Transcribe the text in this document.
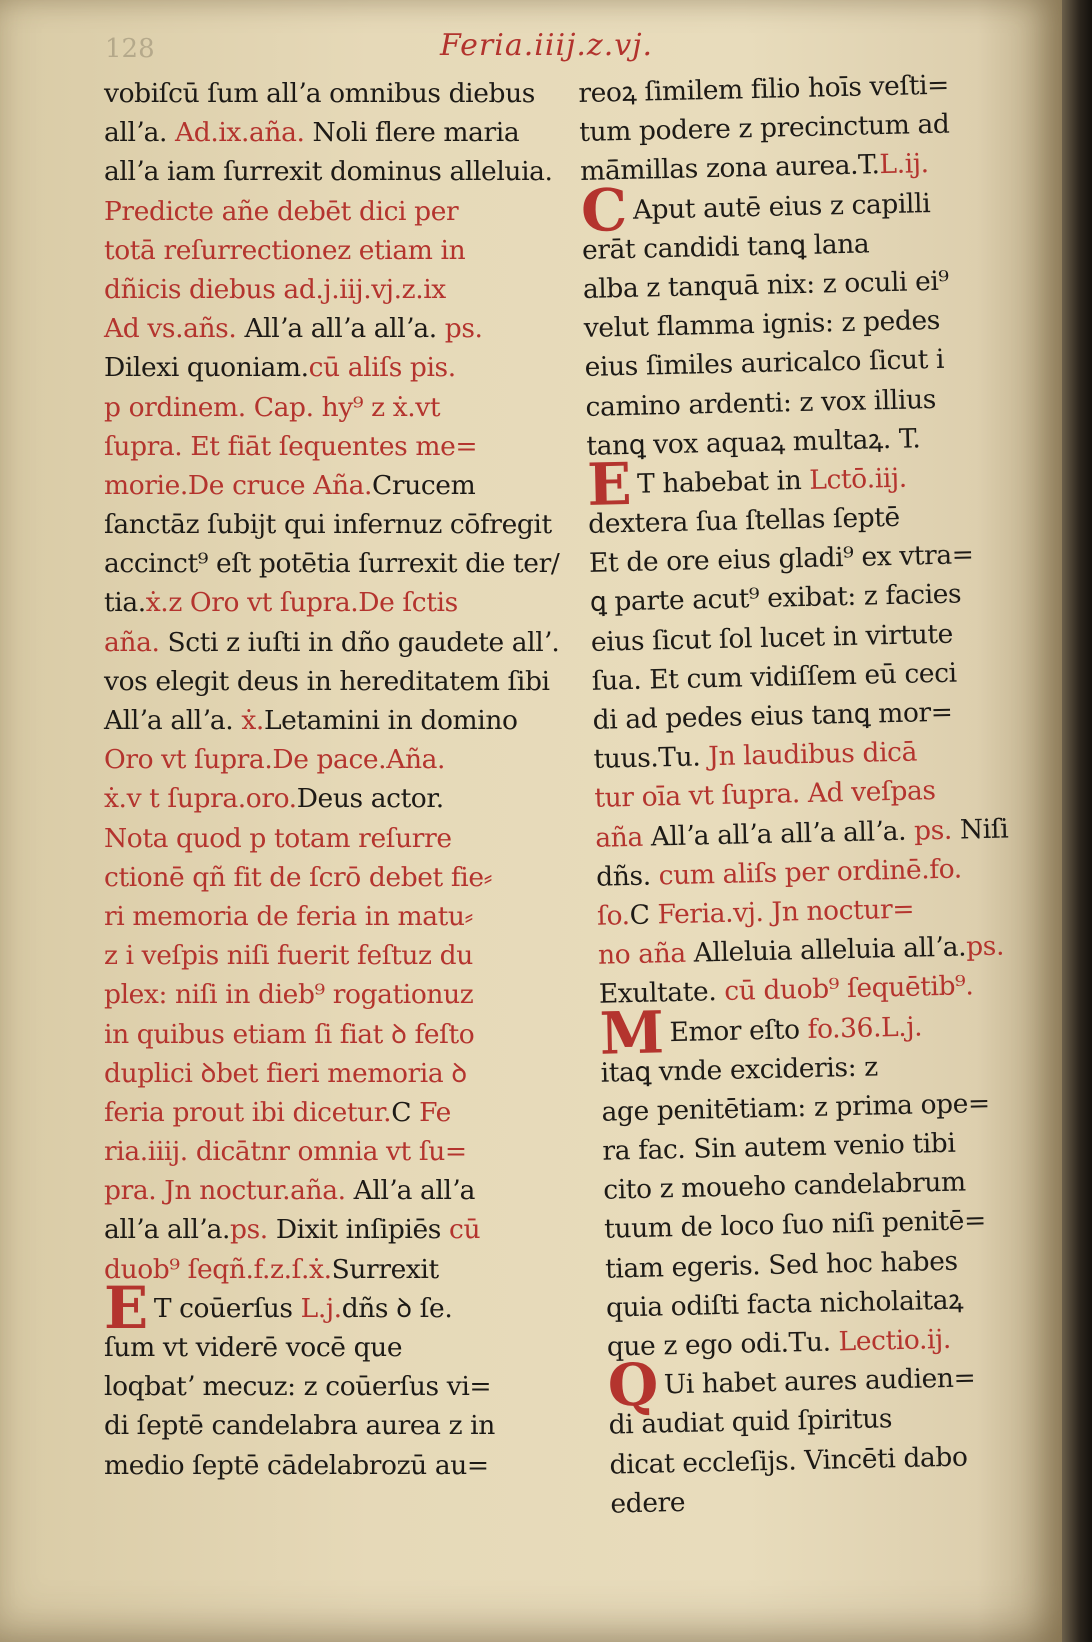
128	Feria.iiij.z.vj.
vobiſcū ſum allʼa omnibus diebus
allʼa. Ad.ix.aña. Noli flere maria
allʼa iam ſurrexit dominus alleluia.
Predicte añe debēt dici per
totā reſurrectionez etiam in
dñicis diebus ad.j.iij.vj.z.ix
Ad vs.añs. Allʼa allʼa allʼa. ps.
Dilexi quoniam.cū aliſs pis.
p ordinem. Cap. hy⁹ z ẋ.vt
ſupra. Et fiāt ſequentes me=
morie.De cruce Aña.Crucem
ſanctāz ſubijt qui infernuz cōfregit
accinct⁹ eſt potētia ſurrexit die ter/
tia.ẋ.z Oro vt ſupra.De ſctis
aña. Scti z iuſti in dño gaudete allʼ.
vos elegit deus in hereditatem ſibi
Allʼa allʼa. ẋ.Letamini in domino
Oro vt ſupra.De pace.Aña.
ẋ.v t ſupra.oro.Deus actor.
Nota quod p totam reſurre
ctionē qñ fit de ſcrō debet fie⸗
ri memoria de feria in matu⸗
z i veſpis niſi fuerit feſtuz du
plex: niſi in dieb⁹ rogationuz
in quibus etiam ſi fiat ꝺ feſto
duplici ꝺbet fieri memoria ꝺ
feria prout ibi dicetur.C Fe
ria.iiij. dicātnr omnia vt ſu=
pra. Jn noctur.aña. Allʼa allʼa
allʼa allʼa.ps. Dixit inſipiēs cū
duob⁹ ſeqñ.f.z.ſ.ẋ.Surrexit
E T coūerſus L.j.dñs ꝺ ſe.
ſum vt viderē vocē que
loqbatʼ mecuz: z coūerſus vi=
di ſeptē candelabra aurea z in
medio ſeptē cādelabrozū au=
reoꝝ ſimilem filio hoīs veſti=
tum podere z precinctum ad
mā̄millas zona aurea.T.L.ij.
C Aput autē eius z capilli
erāt candidi tanꝗ lana
alba z tanquā nix: z oculi ei⁹
velut flamma ignis: z pedes
eius ſimiles auricalco ſicut i
camino ardenti: z vox illius
tanꝗ vox aquaꝝ multaꝝ. T.
E T habebat in Lctō.iij.
dextera ſua ſtellas ſeptē
Et de ore eius gladi⁹ ex vtra=
ꝗ parte acut⁹ exibat: z facies
eius ſicut ſol lucet in virtute
ſua. Et cum vidiſſem eū ceci
di ad pedes eius tanꝗ mor=
tuus.Tu. Jn laudibus dicā
tur oīa vt ſupra. Ad veſpas
aña Allʼa allʼa allʼa allʼa. ps. Niſi
dñs. cum aliſs per ordinē.fo.
ſo.C Feria.vj. Jn noctur=
no aña Alleluia alleluia allʼa.ps.
Exultate. cū duob⁹ ſequētib⁹.
M Emor eſto fo.36.L.j.
itaꝗ vnde excideris: z
age penitētiam: z prima ope=
ra fac. Sin autem venio tibi
cito z moueho candelabrum
tuum de loco ſuo niſi penitē=
tiam egeris. Sed hoc habes
quia odiſti facta nicholaitaꝝ
que z ego odi.Tu. Lectio.ij.
Q Ui habet aures audien=
di audiat quid ſpiritus
dicat eccleſijs. Vincēti dabo
edere
